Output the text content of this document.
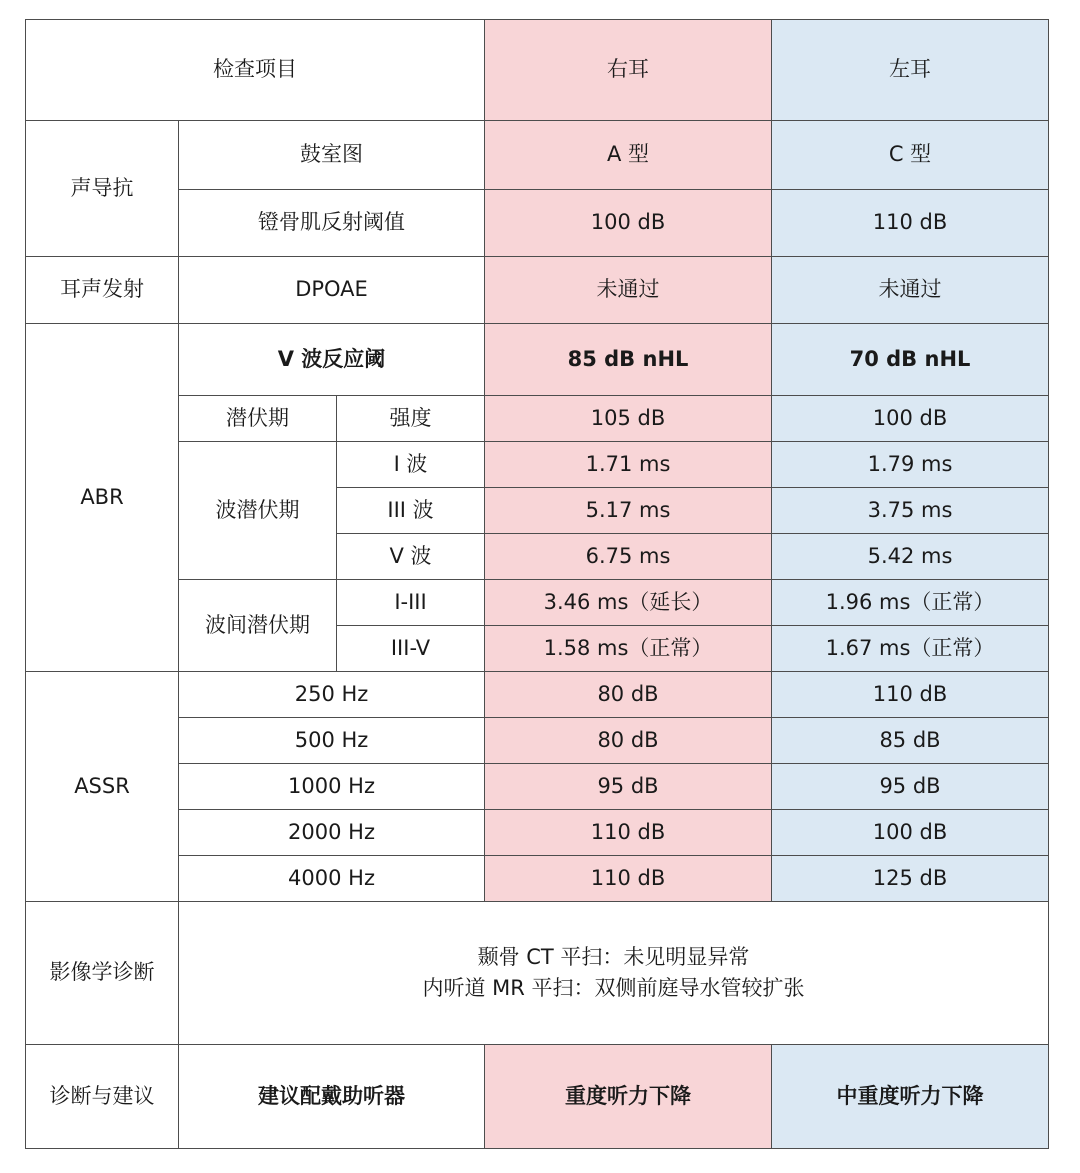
检查项目			右耳	左耳
声导抗	鼓室图		A 型	C 型
	镫骨肌反射阈值		100 dB	110 dB
耳声发射	DPOAE		未通过	未通过
ABR	V 波反应阈		85 dB nHL	70 dB nHL
	潜伏期	强度	105 dB	100 dB
	波潜伏期	I 波	1.71 ms	1.79 ms
		III 波	5.17 ms	3.75 ms
		V 波	6.75 ms	5.42 ms
	波间潜伏期	I-III	3.46 ms（延长）	1.96 ms（正常）
		III-V	1.58 ms（正常）	1.67 ms（正常）
ASSR	250 Hz		80 dB	110 dB
	500 Hz		80 dB	85 dB
	1000 Hz		95 dB	95 dB
	2000 Hz		110 dB	100 dB
	4000 Hz		110 dB	125 dB
影像学诊断	颞骨 CT 平扫：未见明显异常
内听道 MR 平扫：双侧前庭导水管较扩张			

诊断与建议	建议配戴助听器		重度听力下降	中重度听力下降
